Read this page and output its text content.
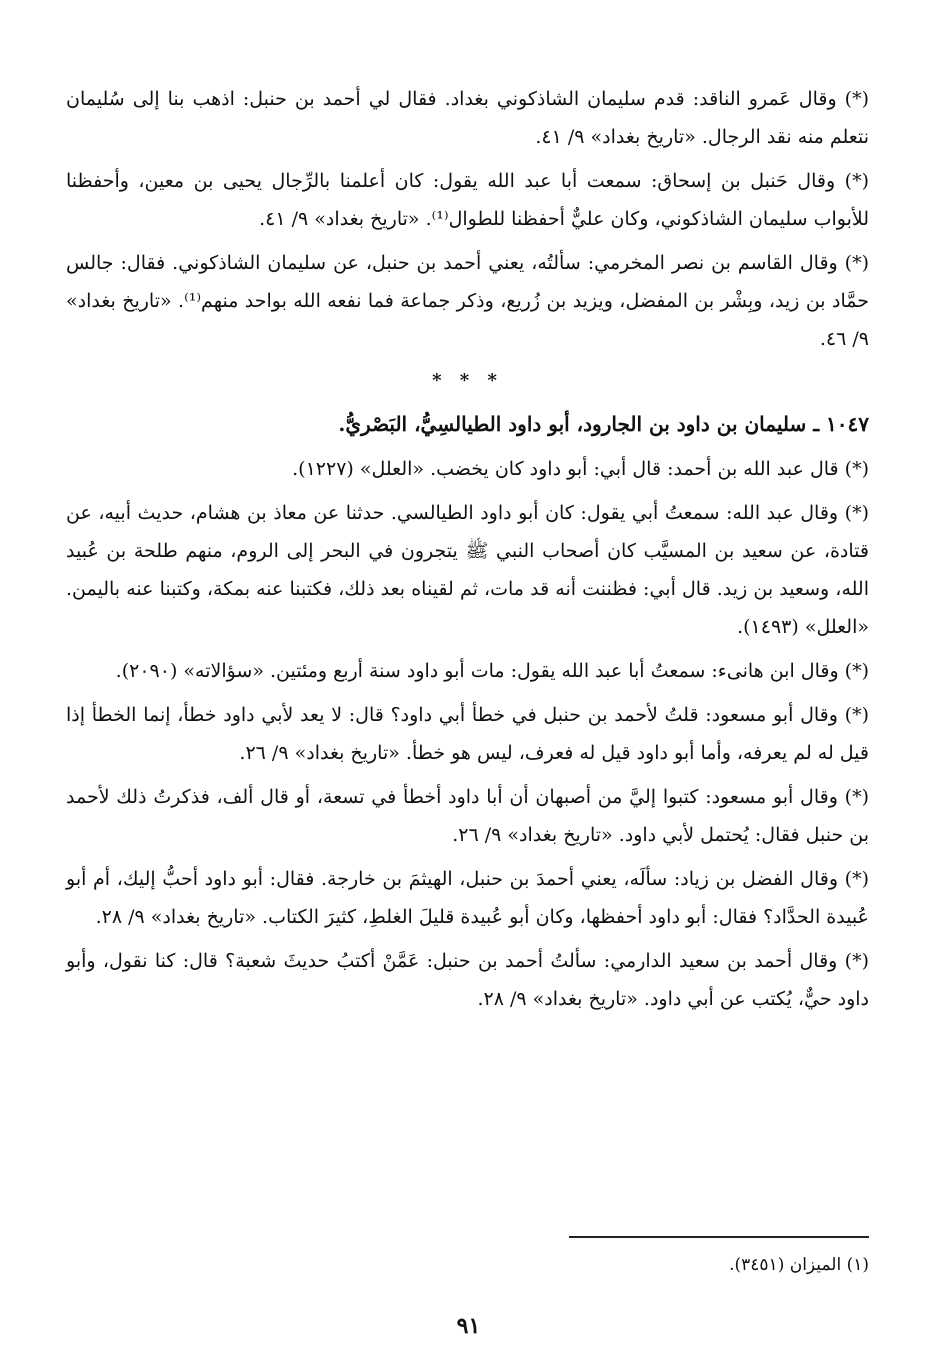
(*) وقال عَمرو الناقد: قدم سليمان الشاذكوني بغداد. فقال لي أحمد بن حنبل: اذهب بنا إلى سُليمان نتعلم منه نقد الرجال. «تاريخ بغداد» ٩/ ٤١.

(*) وقال حَنبل بن إسحاق: سمعت أبا عبد الله يقول: كان أعلمنا بالرِّجال يحيى بن معين، وأحفظنا للأبواب سليمان الشاذكوني، وكان عليٌّ أحفظنا للطوال⁽¹⁾. «تاريخ بغداد» ٩/ ٤١.

(*) وقال القاسم بن نصر المخرمي: سألتُه، يعني أحمد بن حنبل، عن سليمان الشاذكوني. فقال: جالس حمَّاد بن زيد، وبِشْر بن المفضل، ويزيد بن زُريع، وذكر جماعة فما نفعه الله بواحد منهم⁽¹⁾. «تاريخ بغداد» ٩/ ٤٦.

* * *
١٠٤٧ ـ سليمان بن داود بن الجارود، أبو داود الطيالسِيُّ، البَصْريُّ.

(*) قال عبد الله بن أحمد: قال أبي: أبو داود كان يخضب. «العلل» (١٢٢٧).

(*) وقال عبد الله: سمعتُ أبي يقول: كان أبو داود الطيالسي. حدثنا عن معاذ بن هشام، حديث أبيه، عن قتادة، عن سعيد بن المسيَّب كان أصحاب النبي ﷺ يتجرون في البحر إلى الروم، منهم طلحة بن عُبيد الله، وسعيد بن زيد. قال أبي: فظننت أنه قد مات، ثم لقيناه بعد ذلك، فكتبنا عنه بمكة، وكتبنا عنه باليمن. «العلل» (١٤٩٣).

(*) وقال ابن هانىء: سمعتُ أبا عبد الله يقول: مات أبو داود سنة أربع ومئتين. «سؤالاته» (٢٠٩٠).

(*) وقال أبو مسعود: قلتُ لأحمد بن حنبل في خطأ أبي داود؟ قال: لا يعد لأبي داود خطأ، إنما الخطأ إذا قيل له لم يعرفه، وأما أبو داود قيل له فعرف، ليس هو خطأ. «تاريخ بغداد» ٩/ ٢٦.

(*) وقال أبو مسعود: كتبوا إليَّ من أصبهان أن أبا داود أخطأ في تسعة، أو قال ألف، فذكرتُ ذلك لأحمد بن حنبل فقال: يُحتمل لأبي داود. «تاريخ بغداد» ٩/ ٢٦.

(*) وقال الفضل بن زياد: سألَه، يعني أحمدَ بن حنبل، الهيثمَ بن خارجة. فقال: أبو داود أحبُّ إليك، أم أبو عُبيدة الحدَّاد؟ فقال: أبو داود أحفظها، وكان أبو عُبيدة قليلَ الغلطِ، كثيرَ الكتاب. «تاريخ بغداد» ٩/ ٢٨.

(*) وقال أحمد بن سعيد الدارمي: سألتُ أحمد بن حنبل: عَمَّنْ أكتبُ حديثَ شعبة؟ قال: كنا نقول، وأبو داود حيٌّ، يُكتب عن أبي داود. «تاريخ بغداد» ٩/ ٢٨.

(١) الميزان (٣٤٥١).
٩١
